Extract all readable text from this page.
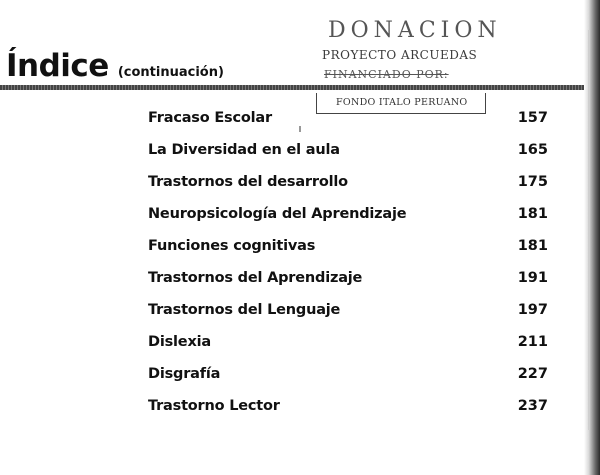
Índice (continuación)
DONACION
PROYECTO ARCUEDAS
FINANCIADO POR:
FONDO ITALO PERUANO
Fracaso Escolar	157
La Diversidad en el aula	165
Trastornos del desarrollo	175
Neuropsicología del Aprendizaje	181
Funciones cognitivas	181
Trastornos del Aprendizaje	191
Trastornos del Lenguaje	197
Dislexia	211
Disgrafía	227
Trastorno Lector	237
